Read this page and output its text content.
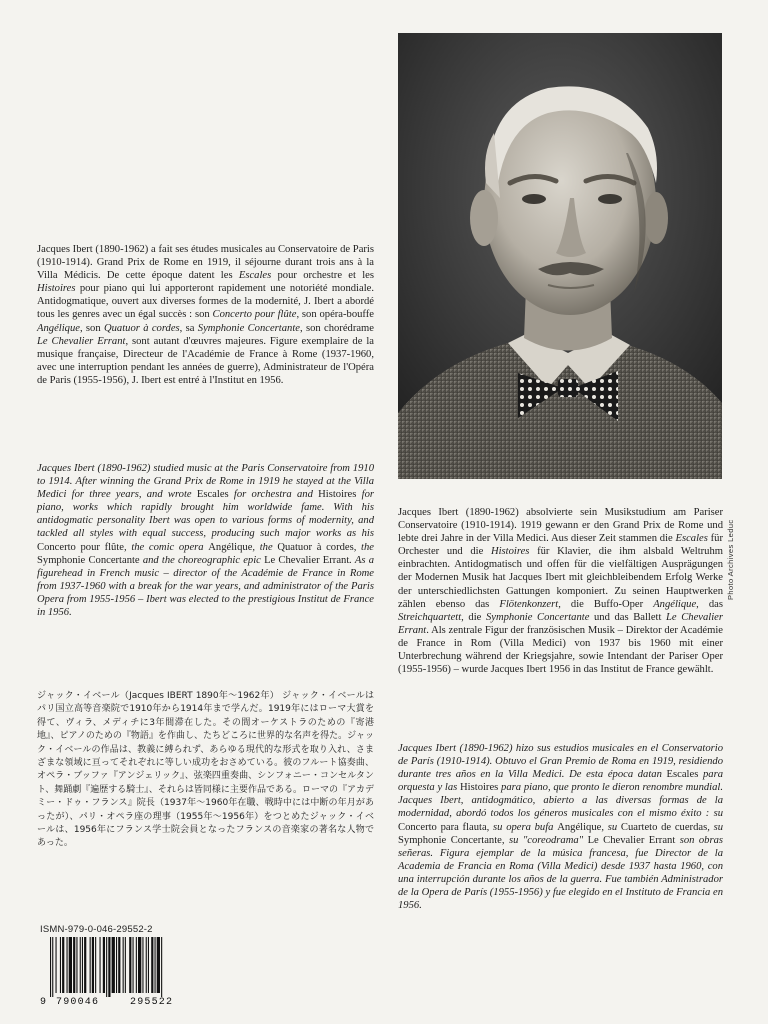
Photo Archives Leduc

Jacques Ibert (1890-1962) a fait ses études musicales au Conservatoire de Paris (1910-1914). Grand Prix de Rome en 1919, il séjourne durant trois ans à la Villa Médicis. De cette époque datent les Escales pour orchestre et les Histoires pour piano qui lui apporteront rapidement une notoriété mondiale. Antidogmatique, ouvert aux diverses formes de la modernité, J. Ibert a abordé tous les genres avec un égal succès : son Concerto pour flûte, son opéra-bouffe Angélique, son Quatuor à cordes, sa Symphonie Concertante, son chorédrame Le Chevalier Errant, sont autant d'œuvres majeures. Figure exemplaire de la musique française, Directeur de l'Académie de France à Rome (1937-1960, avec une interruption pendant les années de guerre), Administrateur de l'Opéra de Paris (1955-1956), J. Ibert est entré à l'Institut en 1956.

Jacques Ibert (1890-1962) studied music at the Paris Conservatoire from 1910 to 1914. After winning the Grand Prix de Rome in 1919 he stayed at the Villa Medici for three years, and wrote Escales for orchestra and Histoires for piano, works which rapidly brought him worldwide fame. With his antidogmatic personality Ibert was open to various forms of modernity, and tackled all styles with equal success, producing such major works as his Concerto pour flûte, the comic opera Angélique, the Quatuor à cordes, the Symphonie Concertante and the choreographic epic Le Chevalier Errant. As a figurehead in French music – director of the Académie de France in Rome from 1937-1960 with a break for the war years, and administrator of the Paris Opera from 1955-1956 – Ibert was elected to the prestigious Institut de France in 1956.

ジャック・イベール（Jacques IBERT 1890年〜1962年） ジャック・イベールはパリ国立高等音楽院で1910年から1914年まで学んだ。1919年にはローマ大賞を得て、ヴィラ、メディチに3年間滞在した。その間オーケストラのための『寄港地』、ピアノのための『物語』を作曲し、たちどころに世界的な名声を得た。ジャック・イベールの作品は、教義に縛られず、あらゆる現代的な形式を取り入れ、さまざまな領域に亘ってそれぞれに等しい成功をおさめている。彼のフルート協奏曲、オペラ・ブッファ『アンジェリック』、弦楽四重奏曲、シンフォニー・コンセルタント、舞踊劇『遍歴する騎士』、それらは皆同様に主要作品である。ローマの『アカデミー・ドゥ・フランス』院長（1937年〜1960年在職、戦時中には中断の年月があったが）、パリ・オペラ座の理事（1955年〜1956年）をつとめたジャック・イベールは、1956年にフランス学士院会員となったフランスの音楽家の著名な人物であった。

Jacques Ibert (1890-1962) absolvierte sein Musikstudium am Pariser Conservatoire (1910-1914). 1919 gewann er den Grand Prix de Rome und lebte drei Jahre in der Villa Medici. Aus dieser Zeit stammen die Escales für Orchester und die Histoires für Klavier, die ihm alsbald Weltruhm einbrachten. Antidogmatisch und offen für die vielfältigen Ausprägungen der Modernen Musik hat Jacques Ibert mit gleichbleibendem Erfolg Werke der unterschiedlichsten Gattungen komponiert. Zu seinen Hauptwerken zählen ebenso das Flötenkonzert, die Buffo-Oper Angélique, das Streichquartett, die Symphonie Concertante und das Ballett Le Chevalier Errant. Als zentrale Figur der französischen Musik – Direktor der Académie de France in Rom (Villa Medici) von 1937 bis 1960 mit einer Unterbrechung während der Kriegsjahre, sowie Intendant der Pariser Oper (1955-1956) – wurde Jacques Ibert 1956 in das Institut de France gewählt.

Jacques Ibert (1890-1962) hizo sus estudios musicales en el Conservatorio de París (1910-1914). Obtuvo el Gran Premio de Roma en 1919, residiendo durante tres años en la Villa Medici. De esta época datan Escales para orquesta y las Histoires para piano, que pronto le dieron renombre mundial. Jacques Ibert, antidogmático, abierto a las diversas formas de la modernidad, abordó todos los géneros musicales con el mismo éxito : su Concerto para flauta, su opera bufa Angélique, su Cuarteto de cuerdas, su Symphonie Concertante, su "coreodrama" Le Chevalier Errant son obras señeras. Figura ejemplar de la música francesa, fue Director de la Academia de Francia en Roma (Villa Medici) desde 1937 hasta 1960, con una interrupción durante los años de la guerra. Fue también Administrador de la Opera de París (1955-1956) y fue elegido en el Instituto de Francia en 1956.

ISMN-979-0-046-29552-2
9 790046	295522
